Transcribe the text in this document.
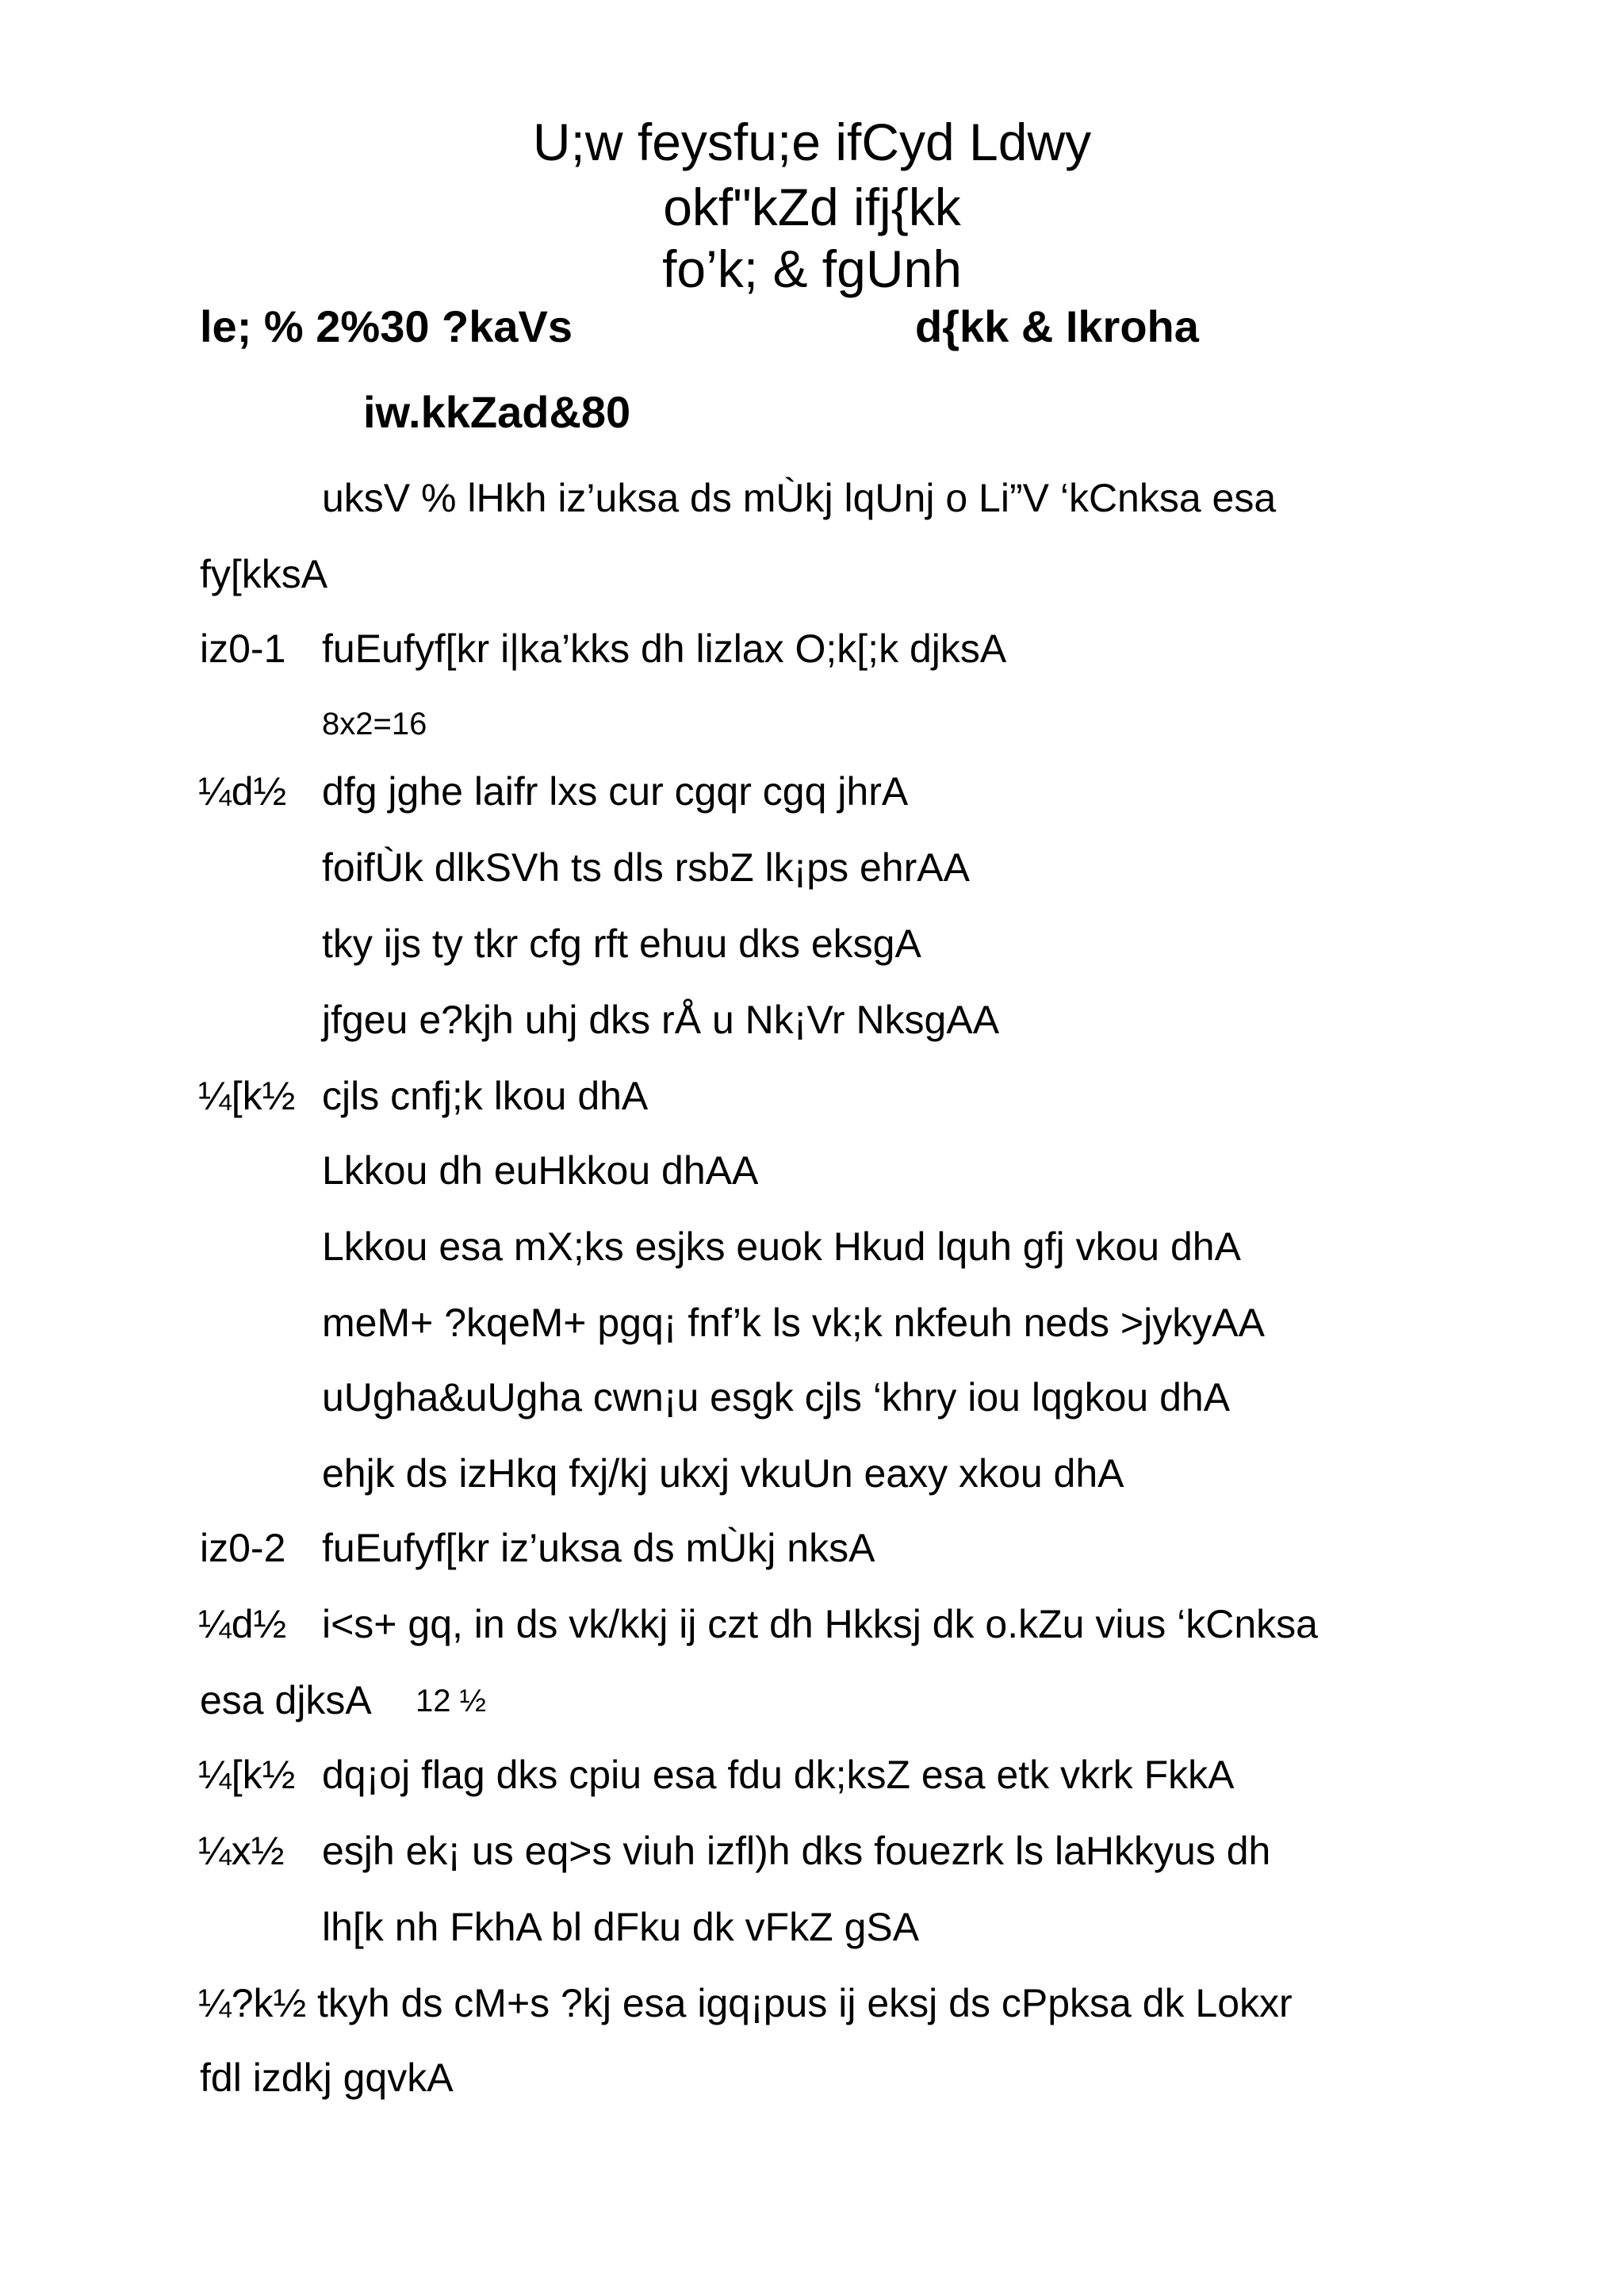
U;w feysfu;e ifCyd Ldwy
okf"kZd ifj{kk
fo’k; & fgUnh
le; % 2%30 ?kaVs	d{kk & Ikroha
iw.kkZad&80
uksV % lHkh iz’uksa ds mÙkj lqUnj o Li”V ‘kCnksa esa
fy[kksA
iz0-1 fuEufyf[kr i|ka’kks dh lizlax O;k[;k djksA
8x2=16
¼d½ dfg jghe laifr lxs cur cgqr cgq jhrA
foifÙk dlkSVh ts dls rsbZ lk¡ps ehrAA
tky ijs ty tkr cfg rft ehuu dks eksgA
jfgeu e?kjh uhj dks rÅ u Nk¡Vr NksgAA
¼[k½ cjls cnfj;k lkou dhA
Lkkou dh euHkkou dhAA
Lkkou esa mX;ks esjks euok Hkud lquh gfj vkou dhA
meM+ ?kqeM+ pgq¡ fnf’k ls vk;k nkfeuh neds >jykyAA
uUgha&uUgha cwn¡u esgk cjls ‘khry iou lqgkou dhA
ehjk ds izHkq fxj/kj ukxj vkuUn eaxy xkou dhA
iz0-2 fuEufyf[kr iz’uksa ds mÙkj nksA
¼d½ i<s+ gq, in ds vk/kkj ij czt dh Hkksj dk o.kZu vius ‘kCnksa
esa djksA 12 ½
¼[k½ dq¡oj flag dks cpiu esa fdu dk;ksZ esa etk vkrk FkkA
¼x½ esjh ek¡ us eq>s viuh izfl)h dks fouezrk ls laHkkyus dh
lh[k nh FkhA bl dFku dk vFkZ gSA
¼?k½ tkyh ds cM+s ?kj esa igq¡pus ij eksj ds cPpksa dk Lokxr
fdl izdkj gqvkA
